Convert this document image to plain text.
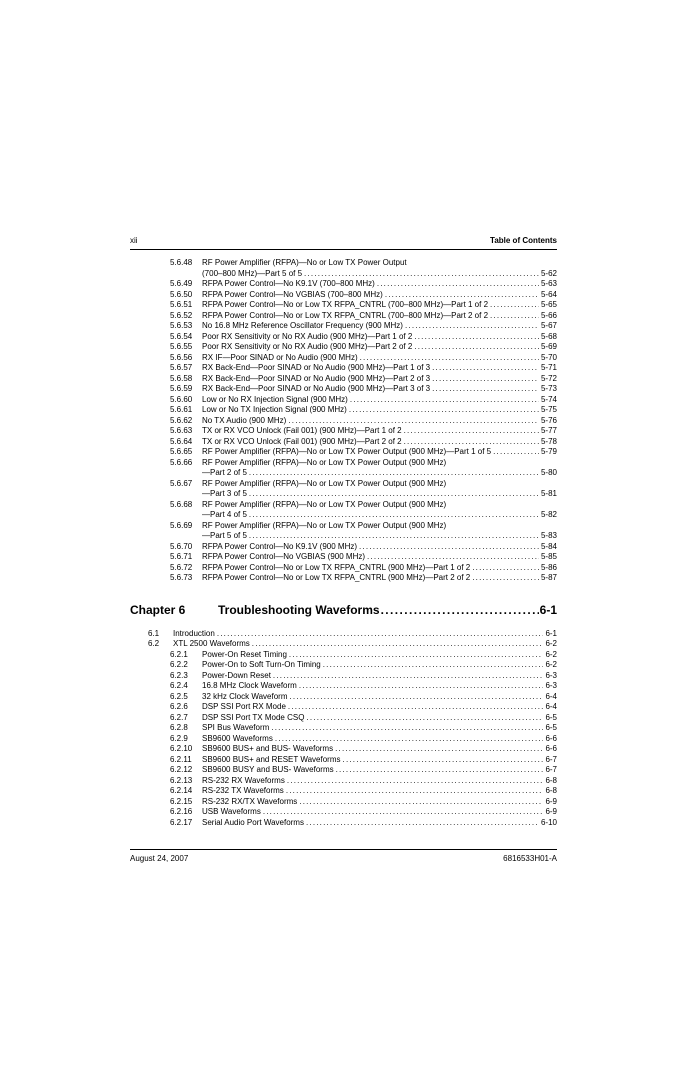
xii	Table of Contents
5.6.48	RF Power Amplifier (RFPA)—No or Low TX Power Output
(700–800 MHz)—Part 5 of 5 .....	5-62
5.6.49	RFPA Power Control—No K9.1V (700–800 MHz) .....	5-63
5.6.50	RFPA Power Control—No VGBIAS (700–800 MHz) .....	5-64
5.6.51	RFPA Power Control—No or Low TX RFPA_CNTRL (700–800 MHz)—Part 1 of 2 .....	5-65
5.6.52	RFPA Power Control—No or Low TX RFPA_CNTRL (700–800 MHz)—Part 2 of 2 .....	5-66
5.6.53	No 16.8 MHz Reference Oscillator Frequency (900 MHz) .....	5-67
5.6.54	Poor RX Sensitivity or No RX Audio (900 MHz)—Part 1 of 2 .....	5-68
5.6.55	Poor RX Sensitivity or No RX Audio (900 MHz)—Part 2 of 2 .....	5-69
5.6.56	RX IF—Poor SINAD or No Audio (900 MHz) .....	5-70
5.6.57	RX Back-End—Poor SINAD or No Audio (900 MHz)—Part 1 of 3 .....	5-71
5.6.58	RX Back-End—Poor SINAD or No Audio (900 MHz)—Part 2 of 3 .....	5-72
5.6.59	RX Back-End—Poor SINAD or No Audio (900 MHz)—Part 3 of 3 .....	5-73
5.6.60	Low or No RX Injection Signal (900 MHz) .....	5-74
5.6.61	Low or No TX Injection Signal (900 MHz) .....	5-75
5.6.62	No TX Audio (900 MHz) .....	5-76
5.6.63	TX or RX VCO Unlock (Fail 001) (900 MHz)—Part 1 of 2 .....	5-77
5.6.64	TX or RX VCO Unlock (Fail 001) (900 MHz)—Part 2 of 2 .....	5-78
5.6.65	RF Power Amplifier (RFPA)—No or Low TX Power Output (900 MHz)—Part 1 of 5 .....	5-79
5.6.66	RF Power Amplifier (RFPA)—No or Low TX Power Output (900 MHz)
—Part 2 of 5 .....	5-80
5.6.67	RF Power Amplifier (RFPA)—No or Low TX Power Output (900 MHz)
—Part 3 of 5 .....	5-81
5.6.68	RF Power Amplifier (RFPA)—No or Low TX Power Output (900 MHz)
—Part 4 of 5 .....	5-82
5.6.69	RF Power Amplifier (RFPA)—No or Low TX Power Output (900 MHz)
—Part 5 of 5 .....	5-83
5.6.70	RFPA Power Control—No K9.1V (900 MHz) .....	5-84
5.6.71	RFPA Power Control—No VGBIAS (900 MHz) .....	5-85
5.6.72	RFPA Power Control—No or Low TX RFPA_CNTRL (900 MHz)—Part 1 of 2 .....	5-86
5.6.73	RFPA Power Control—No or Low TX RFPA_CNTRL (900 MHz)—Part 2 of 2 .....	5-87
Chapter 6	Troubleshooting Waveforms .....	6-1
6.1	Introduction .....	6-1
6.2	XTL 2500 Waveforms .....	6-2
6.2.1	Power-On Reset Timing .....	6-2
6.2.2	Power-On to Soft Turn-On Timing .....	6-2
6.2.3	Power-Down Reset .....	6-3
6.2.4	16.8 MHz Clock Waveform .....	6-3
6.2.5	32 kHz Clock Waveform .....	6-4
6.2.6	DSP SSI Port RX Mode .....	6-4
6.2.7	DSP SSI Port TX Mode CSQ .....	6-5
6.2.8	SPI Bus Waveform .....	6-5
6.2.9	SB9600 Waveforms .....	6-6
6.2.10	SB9600 BUS+ and BUS- Waveforms .....	6-6
6.2.11	SB9600 BUS+ and RESET Waveforms .....	6-7
6.2.12	SB9600 BUSY and BUS- Waveforms .....	6-7
6.2.13	RS-232 RX Waveforms .....	6-8
6.2.14	RS-232 TX Waveforms .....	6-8
6.2.15	RS-232 RX/TX Waveforms .....	6-9
6.2.16	USB Waveforms .....	6-9
6.2.17	Serial Audio Port Waveforms .....	6-10
August 24, 2007	6816533H01-A
